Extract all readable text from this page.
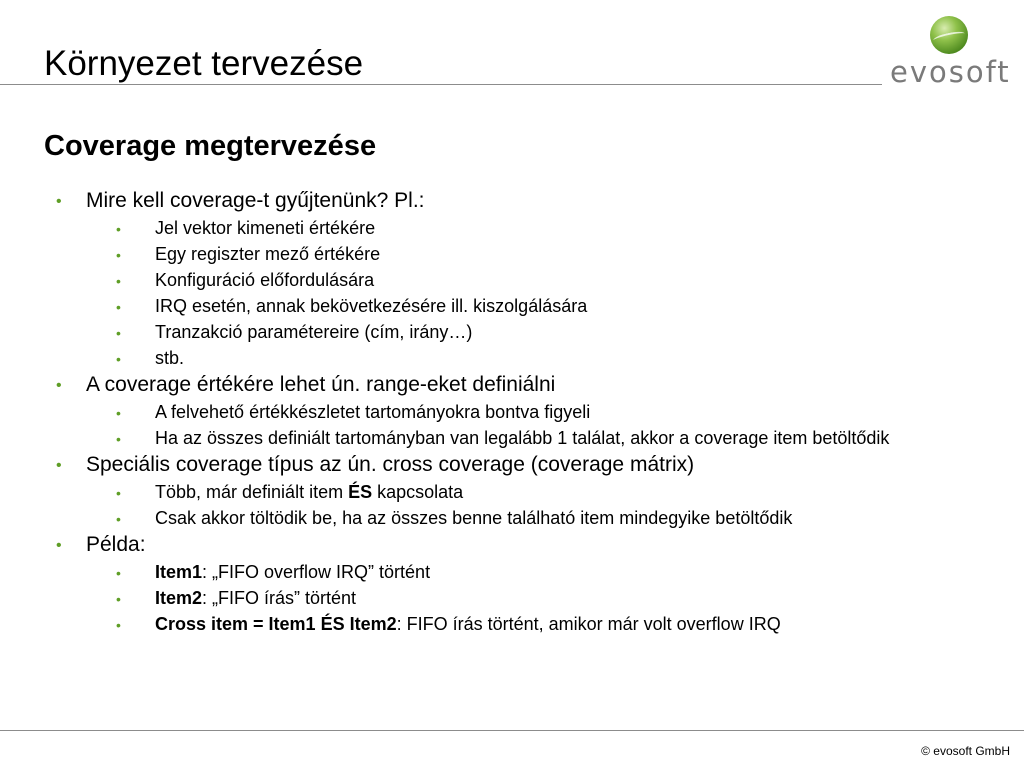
Környezet tervezése	evosoft
Coverage megtervezése
• Mire kell coverage-t gyűjtenünk? Pl.:
• Jel vektor kimeneti értékére
• Egy regiszter mező értékére
• Konfiguráció előfordulására
• IRQ esetén, annak bekövetkezésére ill. kiszolgálására
• Tranzakció paramétereire (cím, irány…)
• stb.
• A coverage értékére lehet ún. range-eket definiálni
• A felvehető értékkészletet tartományokra bontva figyeli
• Ha az összes definiált tartományban van legalább 1 találat, akkor a coverage item betöltődik
• Speciális coverage típus az ún. cross coverage (coverage mátrix)
• Több, már definiált item ÉS kapcsolata
• Csak akkor töltödik be, ha az összes benne található item mindegyike betöltődik
• Példa:
• Item1: „FIFO overflow IRQ” történt
• Item2: „FIFO írás” történt
• Cross item = Item1 ÉS Item2: FIFO írás történt, amikor már volt overflow IRQ
© evosoft GmbH
